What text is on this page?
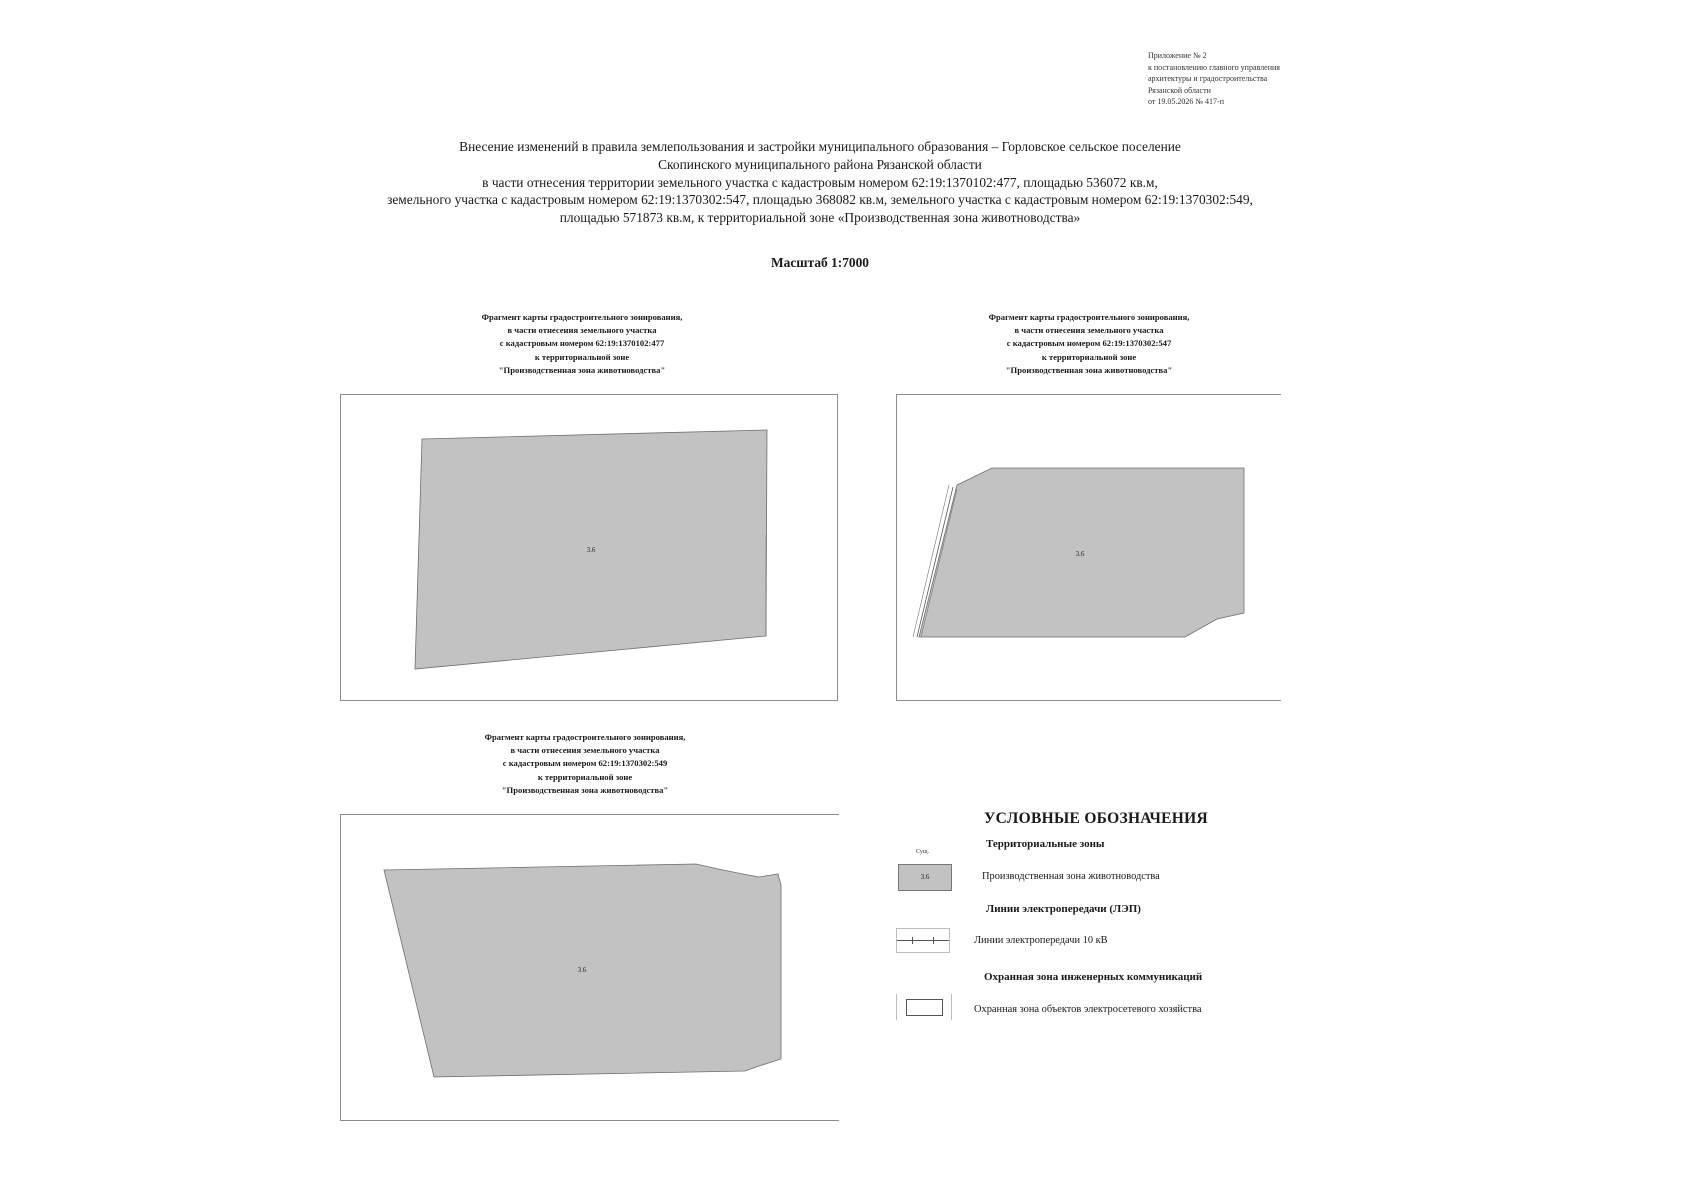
Приложение № 2
к постановлению главного управления
архитектуры и градостроительства
Рязанской области
от 19.05.2026 № 417-п
Внесение изменений в правила землепользования и застройки муниципального образования – Горловское сельское поселение
Скопинского муниципального района Рязанской области
в части отнесения территории земельного участка с кадастровым номером 62:19:1370102:477, площадью 536072 кв.м,
земельного участка с кадастровым номером 62:19:1370302:547, площадью 368082 кв.м, земельного участка с кадастровым номером 62:19:1370302:549,
площадью 571873 кв.м, к территориальной зоне «Производственная зона животноводства»
Масштаб 1:7000
Фрагмент карты градостроительного зонирования,
в части отнесения земельного участка
с кадастровым номером 62:19:1370102:477
к территориальной зоне
"Производственная зона животноводства"
3.6
Фрагмент карты градостроительного зонирования,
в части отнесения земельного участка
с кадастровым номером 62:19:1370302:547
к территориальной зоне
"Производственная зона животноводства"
3.6
Фрагмент карты градостроительного зонирования,
в части отнесения земельного участка
с кадастровым номером 62:19:1370302:549
к территориальной зоне
"Производственная зона животноводства"
3.6
УСЛОВНЫЕ ОБОЗНАЧЕНИЯ
Территориальные зоны
Сущ.
3.6	Производственная зона животноводства
Линии электропередачи (ЛЭП)
Линии электропередачи 10 кВ
Охранная зона инженерных коммуникаций
Охранная зона объектов электросетевого хозяйства
